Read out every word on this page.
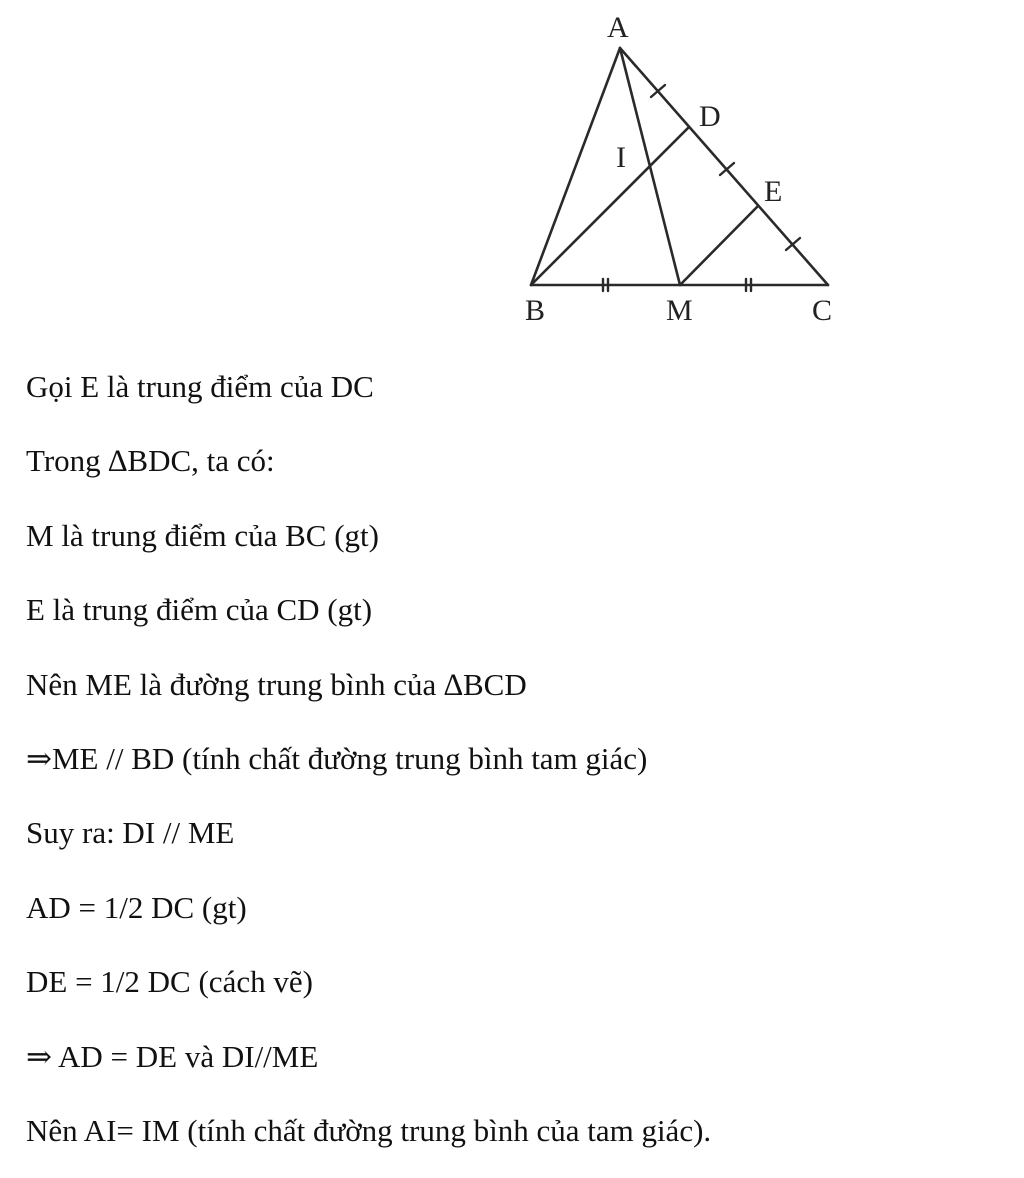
A
D
I
E
B	M	C
Gọi E là trung điểm của DC
Trong ∆BDC, ta có:
M là trung điểm của BC (gt)
E là trung điểm của CD (gt)
Nên ME là đường trung bình của ∆BCD
⇒ME // BD (tính chất đường trung bình tam giác)
Suy ra: DI // ME
AD = 1/2 DC (gt)
DE = 1/2 DC (cách vẽ)
⇒ AD = DE và DI//ME
Nên AI= IM (tính chất đường trung bình của tam giác).
